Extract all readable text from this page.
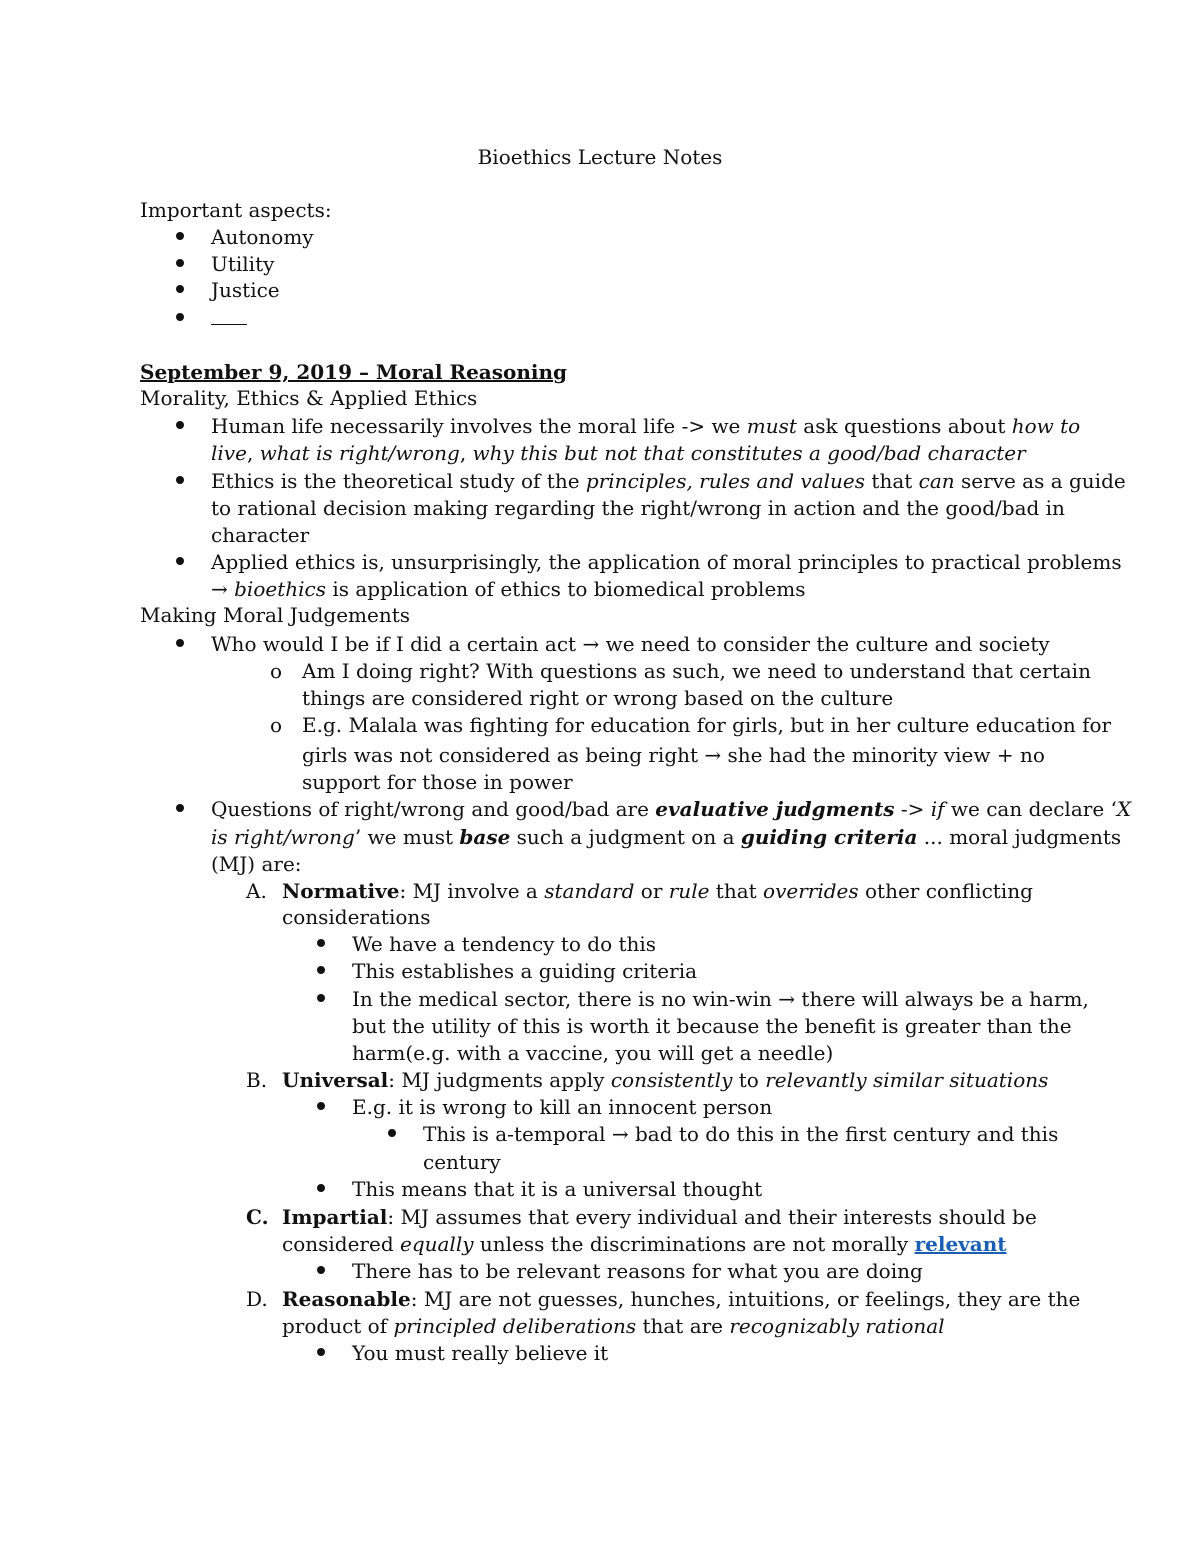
Bioethics Lecture Notes
Important aspects:
Autonomy
Utility
Justice
September 9, 2019 – Moral Reasoning
Morality, Ethics & Applied Ethics
Human life necessarily involves the moral life -> we must ask questions about how to
live, what is right/wrong, why this but not that constitutes a good/bad character
Ethics is the theoretical study of the principles, rules and values that can serve as a guide
to rational decision making regarding the right/wrong in action and the good/bad in
character
Applied ethics is, unsurprisingly, the application of moral principles to practical problems
→ bioethics is application of ethics to biomedical problems
Making Moral Judgements
Who would I be if I did a certain act → we need to consider the culture and society
o Am I doing right? With questions as such, we need to understand that certain
things are considered right or wrong based on the culture
o E.g. Malala was fighting for education for girls, but in her culture education for
girls was not considered as being right → she had the minority view + no
support for those in power
Questions of right/wrong and good/bad are evaluative judgments -> if we can declare ‘X
is right/wrong’ we must base such a judgment on a guiding criteria ... moral judgments
(MJ) are:
A. Normative: MJ involve a standard or rule that overrides other conflicting
considerations
We have a tendency to do this
This establishes a guiding criteria
In the medical sector, there is no win-win → there will always be a harm,
but the utility of this is worth it because the benefit is greater than the
harm(e.g. with a vaccine, you will get a needle)
B. Universal: MJ judgments apply consistently to relevantly similar situations
E.g. it is wrong to kill an innocent person
This is a-temporal → bad to do this in the first century and this
century
This means that it is a universal thought
C. Impartial: MJ assumes that every individual and their interests should be
considered equally unless the discriminations are not morally relevant
There has to be relevant reasons for what you are doing
D. Reasonable: MJ are not guesses, hunches, intuitions, or feelings, they are the
product of principled deliberations that are recognizably rational
You must really believe it
